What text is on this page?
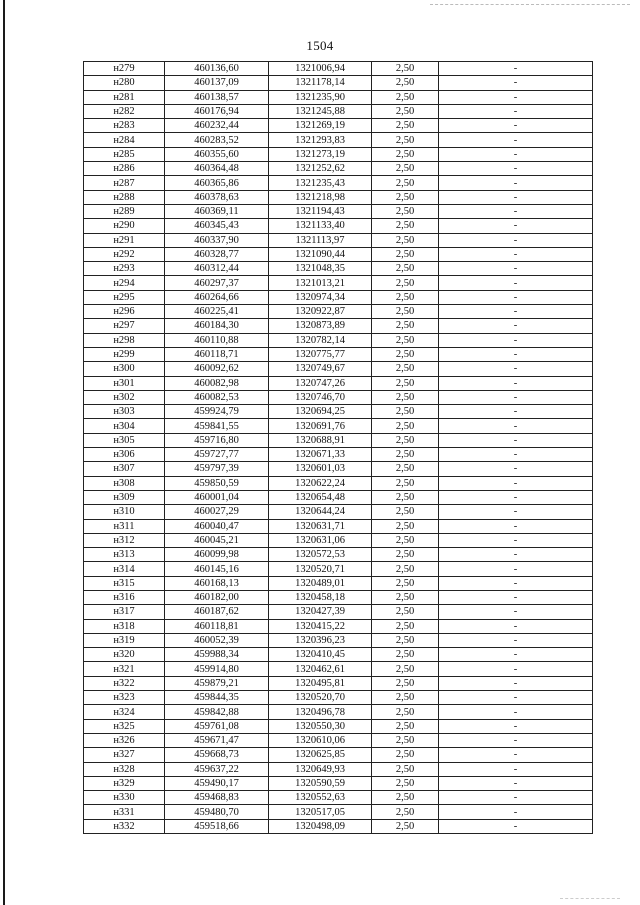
1504
н279	460136,60	1321006,94	2,50	-
н280	460137,09	1321178,14	2,50	-
н281	460138,57	1321235,90	2,50	-
н282	460176,94	1321245,88	2,50	-
н283	460232,44	1321269,19	2,50	-
н284	460283,52	1321293,83	2,50	-
н285	460355,60	1321273,19	2,50	-
н286	460364,48	1321252,62	2,50	-
н287	460365,86	1321235,43	2,50	-
н288	460378,63	1321218,98	2,50	-
н289	460369,11	1321194,43	2,50	-
н290	460345,43	1321133,40	2,50	-
н291	460337,90	1321113,97	2,50	-
н292	460328,77	1321090,44	2,50	-
н293	460312,44	1321048,35	2,50	-
н294	460297,37	1321013,21	2,50	-
н295	460264,66	1320974,34	2,50	-
н296	460225,41	1320922,87	2,50	-
н297	460184,30	1320873,89	2,50	-
н298	460110,88	1320782,14	2,50	-
н299	460118,71	1320775,77	2,50	-
н300	460092,62	1320749,67	2,50	-
н301	460082,98	1320747,26	2,50	-
н302	460082,53	1320746,70	2,50	-
н303	459924,79	1320694,25	2,50	-
н304	459841,55	1320691,76	2,50	-
н305	459716,80	1320688,91	2,50	-
н306	459727,77	1320671,33	2,50	-
н307	459797,39	1320601,03	2,50	-
н308	459850,59	1320622,24	2,50	-
н309	460001,04	1320654,48	2,50	-
н310	460027,29	1320644,24	2,50	-
н311	460040,47	1320631,71	2,50	-
н312	460045,21	1320631,06	2,50	-
н313	460099,98	1320572,53	2,50	-
н314	460145,16	1320520,71	2,50	-
н315	460168,13	1320489,01	2,50	-
н316	460182,00	1320458,18	2,50	-
н317	460187,62	1320427,39	2,50	-
н318	460118,81	1320415,22	2,50	-
н319	460052,39	1320396,23	2,50	-
н320	459988,34	1320410,45	2,50	-
н321	459914,80	1320462,61	2,50	-
н322	459879,21	1320495,81	2,50	-
н323	459844,35	1320520,70	2,50	-
н324	459842,88	1320496,78	2,50	-
н325	459761,08	1320550,30	2,50	-
н326	459671,47	1320610,06	2,50	-
н327	459668,73	1320625,85	2,50	-
н328	459637,22	1320649,93	2,50	-
н329	459490,17	1320590,59	2,50	-
н330	459468,83	1320552,63	2,50	-
н331	459480,70	1320517,05	2,50	-
н332	459518,66	1320498,09	2,50	-
